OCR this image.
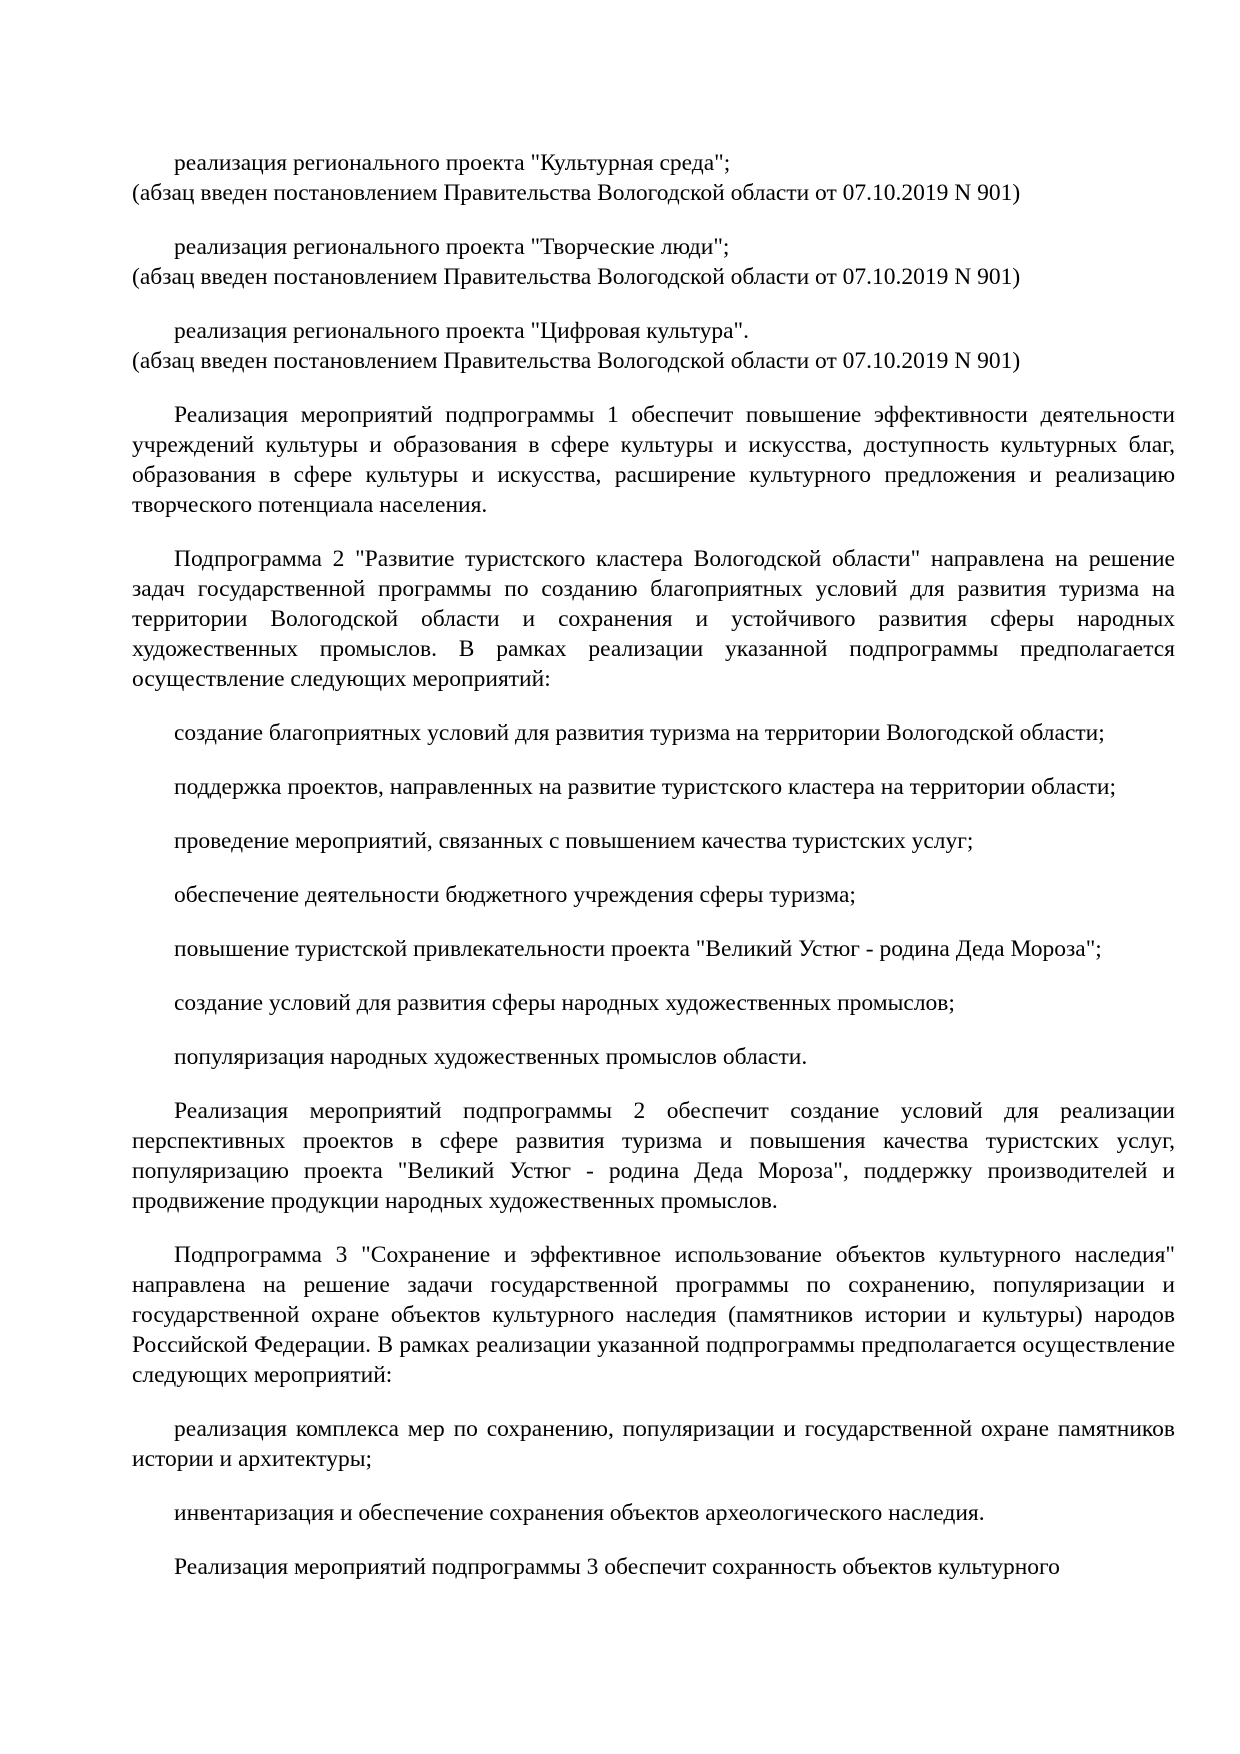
реализация регионального проекта "Культурная среда";

(абзац введен постановлением Правительства Вологодской области от 07.10.2019 N 901)

реализация регионального проекта "Творческие люди";

(абзац введен постановлением Правительства Вологодской области от 07.10.2019 N 901)

реализация регионального проекта "Цифровая культура".

(абзац введен постановлением Правительства Вологодской области от 07.10.2019 N 901)

Реализация мероприятий подпрограммы 1 обеспечит повышение эффективности деятельности учреждений культуры и образования в сфере культуры и искусства, доступность культурных благ, образования в сфере культуры и искусства, расширение культурного предложения и реализацию творческого потенциала населения.

Подпрограмма 2 "Развитие туристского кластера Вологодской области" направлена на решение задач государственной программы по созданию благоприятных условий для развития туризма на территории Вологодской области и сохранения и устойчивого развития сферы народных художественных промыслов. В рамках реализации указанной подпрограммы предполагается осуществление следующих мероприятий:

создание благоприятных условий для развития туризма на территории Вологодской области;

поддержка проектов, направленных на развитие туристского кластера на территории области;

проведение мероприятий, связанных с повышением качества туристских услуг;

обеспечение деятельности бюджетного учреждения сферы туризма;

повышение туристской привлекательности проекта "Великий Устюг - родина Деда Мороза";

создание условий для развития сферы народных художественных промыслов;

популяризация народных художественных промыслов области.

Реализация мероприятий подпрограммы 2 обеспечит создание условий для реализации перспективных проектов в сфере развития туризма и повышения качества туристских услуг, популяризацию проекта "Великий Устюг - родина Деда Мороза", поддержку производителей и продвижение продукции народных художественных промыслов.

Подпрограмма 3 "Сохранение и эффективное использование объектов культурного наследия" направлена на решение задачи государственной программы по сохранению, популяризации и государственной охране объектов культурного наследия (памятников истории и культуры) народов Российской Федерации. В рамках реализации указанной подпрограммы предполагается осуществление следующих мероприятий:

реализация комплекса мер по сохранению, популяризации и государственной охране памятников истории и архитектуры;

инвентаризация и обеспечение сохранения объектов археологического наследия.

Реализация мероприятий подпрограммы 3 обеспечит сохранность объектов культурного
